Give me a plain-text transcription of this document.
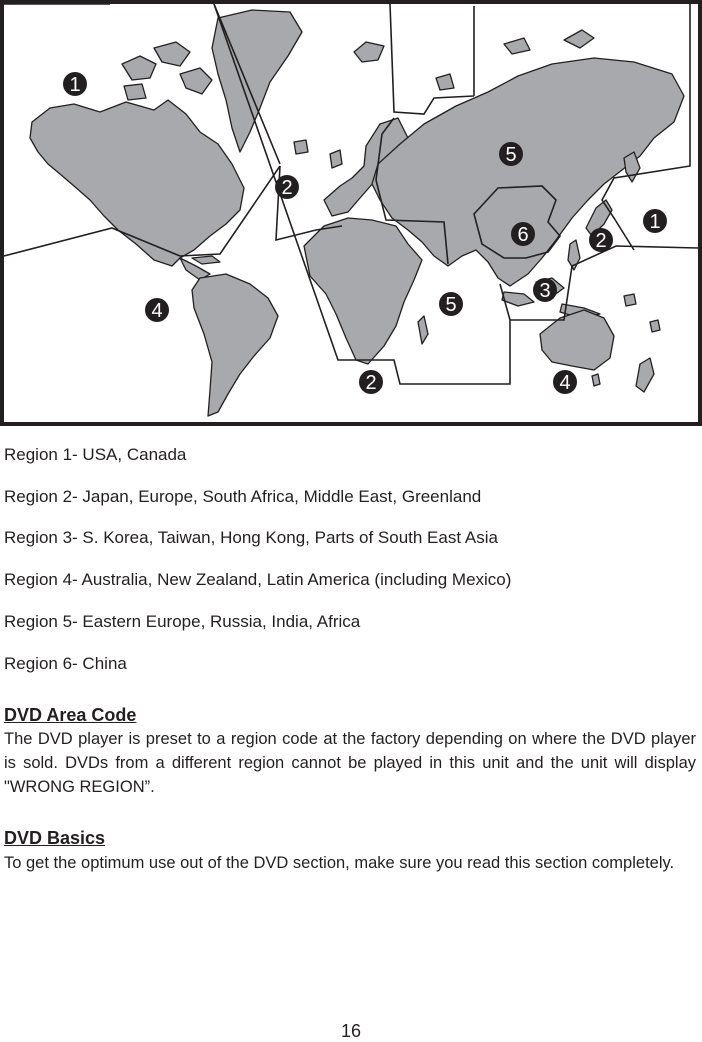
1
2
5
6	2
1
4	5
3
2	4
Region 1- USA, Canada
Region 2- Japan, Europe, South Africa, Middle East, Greenland
Region 3- S. Korea, Taiwan, Hong Kong, Parts of South East Asia
Region 4- Australia, New Zealand, Latin America (including Mexico)
Region 5- Eastern Europe, Russia, India, Africa
Region 6- China
DVD Area Code
The DVD player is preset to a region code at the factory depending on where the DVD player is sold. DVDs from a different region cannot be played in this unit and the unit will display "WRONG REGION”.
DVD Basics
To get the optimum use out of the DVD section, make sure you read this section completely.
16
